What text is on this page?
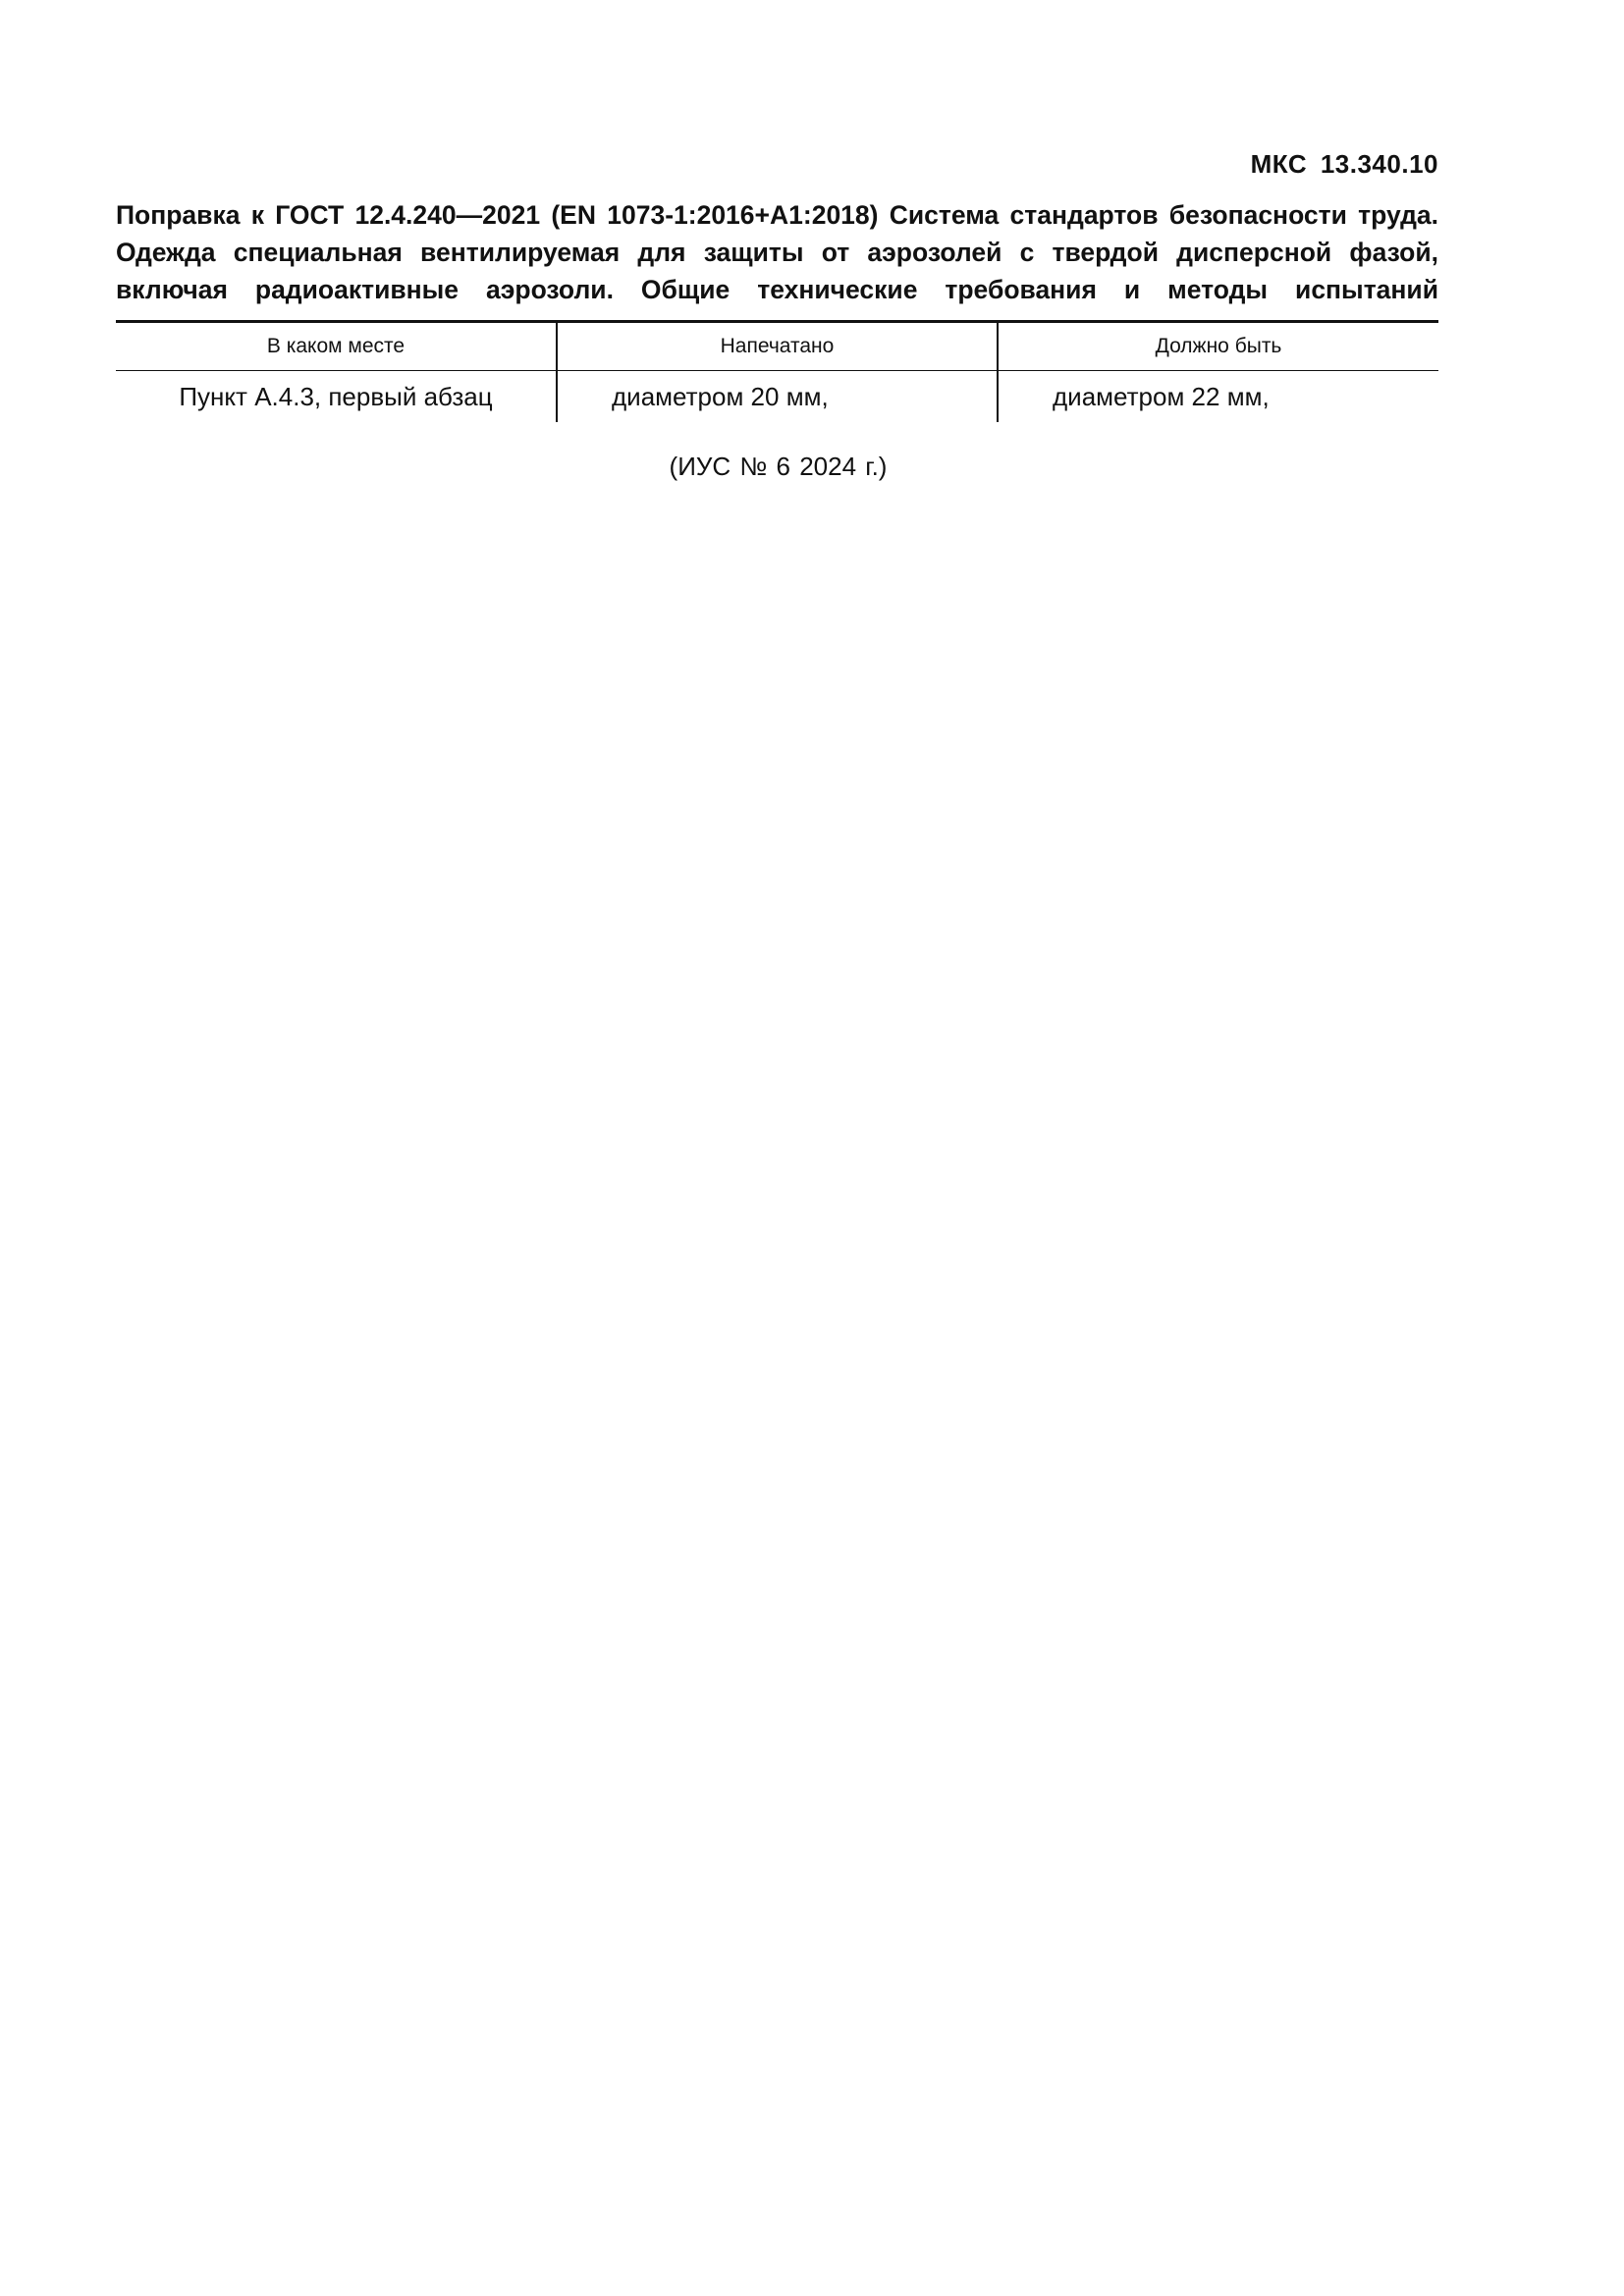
МКС 13.340.10

Поправка к ГОСТ 12.4.240—2021 (EN 1073-1:2016+A1:2018) Система стандартов безопасности труда. Одежда специальная вентилируемая для защиты от аэрозолей с твердой дисперсной фазой, включая радиоактивные аэрозоли. Общие технические требования и методы испытаний

В каком месте	Напечатано	Должно быть
Пункт А.4.3, первый абзац	диаметром 20 мм,	диаметром 22 мм,
(ИУС № 6 2024 г.)
